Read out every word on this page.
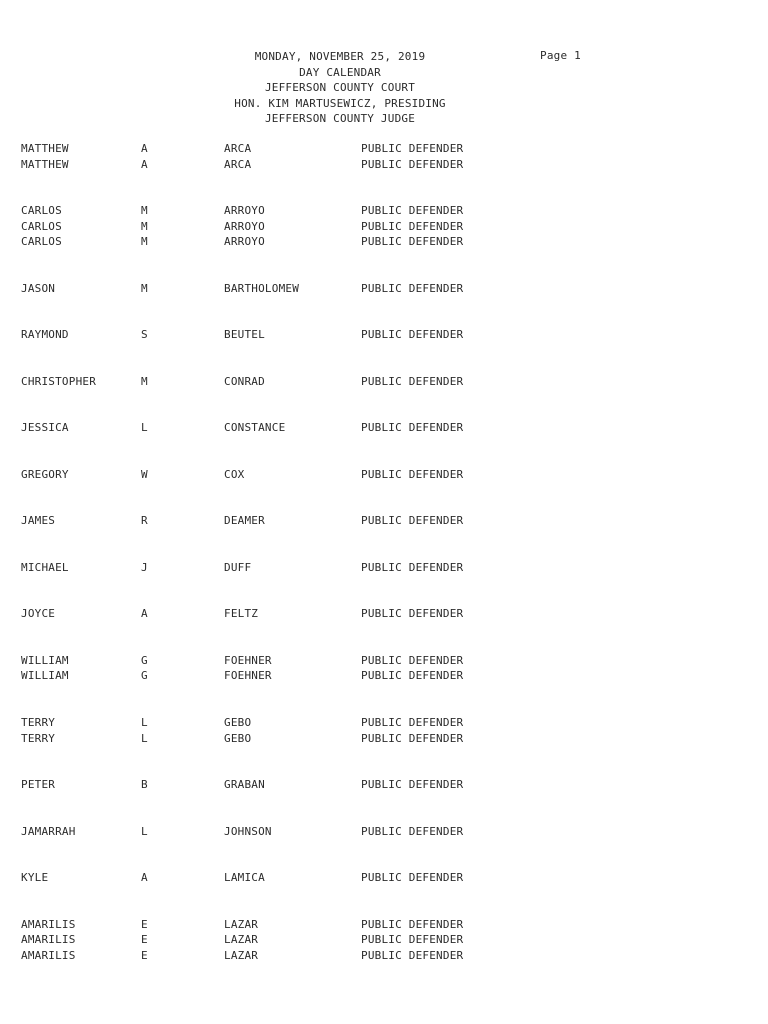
MONDAY, NOVEMBER 25, 2019
DAY CALENDAR
JEFFERSON COUNTY COURT
HON. KIM MARTUSEWICZ, PRESIDING
JEFFERSON COUNTY JUDGE
Page 1
MATTHEW	A	ARCA	PUBLIC DEFENDER
MATTHEW	A	ARCA	PUBLIC DEFENDER
CARLOS	M	ARROYO	PUBLIC DEFENDER
CARLOS	M	ARROYO	PUBLIC DEFENDER
CARLOS	M	ARROYO	PUBLIC DEFENDER
JASON	M	BARTHOLOMEW	PUBLIC DEFENDER
RAYMOND	S	BEUTEL	PUBLIC DEFENDER
CHRISTOPHER	M	CONRAD	PUBLIC DEFENDER
JESSICA	L	CONSTANCE	PUBLIC DEFENDER
GREGORY	W	COX	PUBLIC DEFENDER
JAMES	R	DEAMER	PUBLIC DEFENDER
MICHAEL	J	DUFF	PUBLIC DEFENDER
JOYCE	A	FELTZ	PUBLIC DEFENDER
WILLIAM	G	FOEHNER	PUBLIC DEFENDER
WILLIAM	G	FOEHNER	PUBLIC DEFENDER
TERRY	L	GEBO	PUBLIC DEFENDER
TERRY	L	GEBO	PUBLIC DEFENDER
PETER	B	GRABAN	PUBLIC DEFENDER
JAMARRAH	L	JOHNSON	PUBLIC DEFENDER
KYLE	A	LAMICA	PUBLIC DEFENDER
AMARILIS	E	LAZAR	PUBLIC DEFENDER
AMARILIS	E	LAZAR	PUBLIC DEFENDER
AMARILIS	E	LAZAR	PUBLIC DEFENDER
